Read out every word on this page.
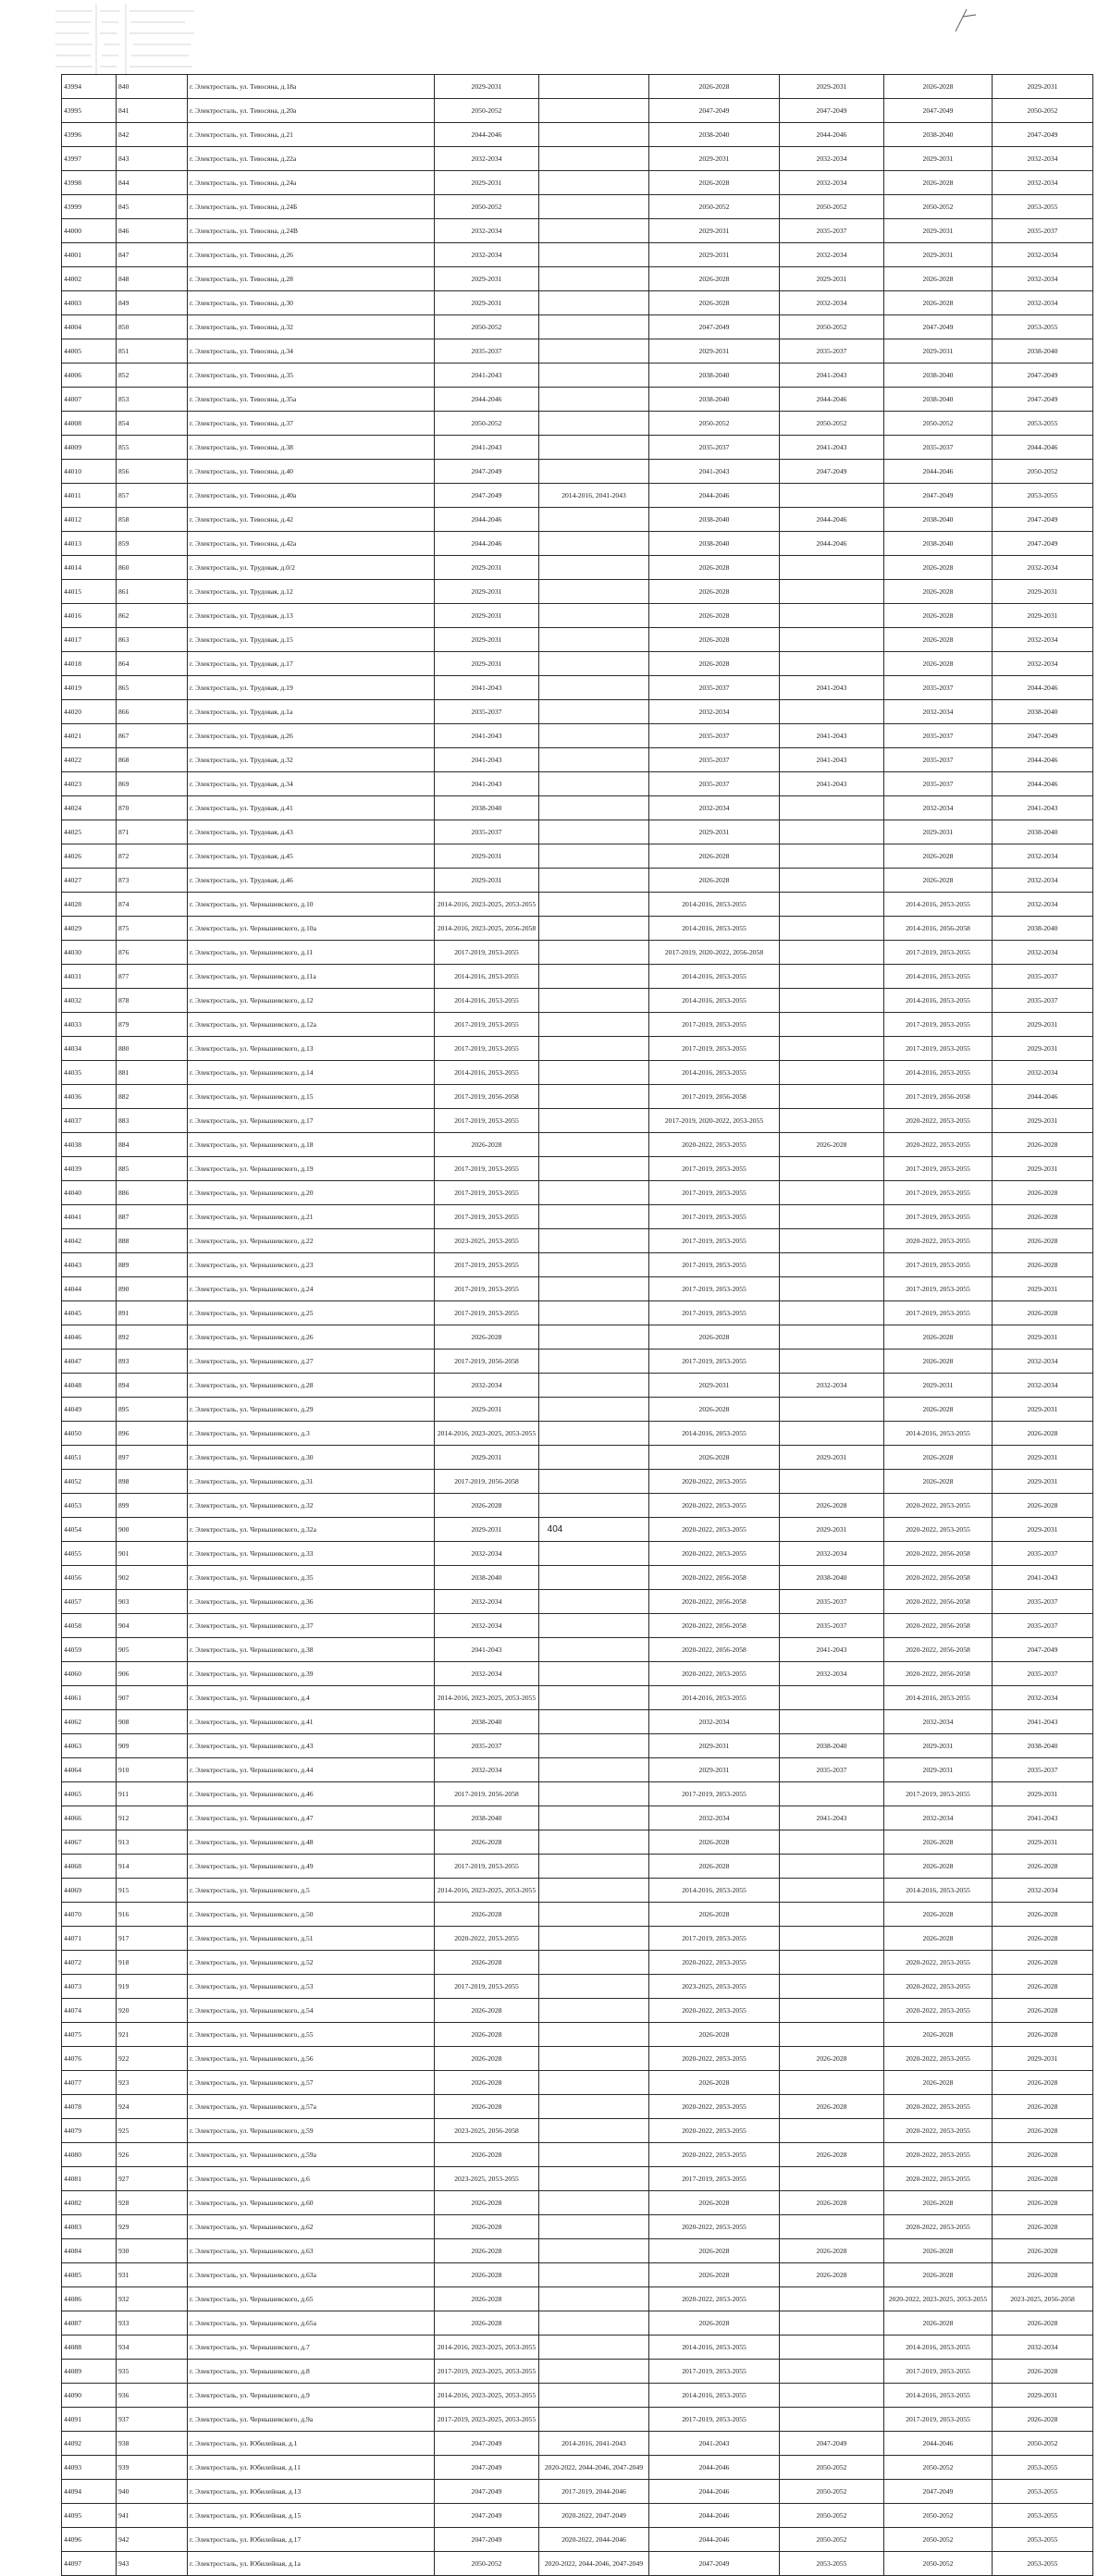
43994	840	г. Электросталь, ул. Тевосяна, д.18а	2029-2031		2026-2028	2029-2031	2026-2028	2029-2031
43995	841	г. Электросталь, ул. Тевосяна, д.20а	2050-2052		2047-2049	2047-2049	2047-2049	2050-2052
43996	842	г. Электросталь, ул. Тевосяна, д.21	2044-2046		2038-2040	2044-2046	2038-2040	2047-2049
43997	843	г. Электросталь, ул. Тевосяна, д.22а	2032-2034		2029-2031	2032-2034	2029-2031	2032-2034
43998	844	г. Электросталь, ул. Тевосяна, д.24а	2029-2031		2026-2028	2032-2034	2026-2028	2032-2034
43999	845	г. Электросталь, ул. Тевосяна, д.24Б	2050-2052		2050-2052	2050-2052	2050-2052	2053-2055
44000	846	г. Электросталь, ул. Тевосяна, д.24В	2032-2034		2029-2031	2035-2037	2029-2031	2035-2037
44001	847	г. Электросталь, ул. Тевосяна, д.26	2032-2034		2029-2031	2032-2034	2029-2031	2032-2034
44002	848	г. Электросталь, ул. Тевосяна, д.28	2029-2031		2026-2028	2029-2031	2026-2028	2032-2034
44003	849	г. Электросталь, ул. Тевосяна, д.30	2029-2031		2026-2028	2032-2034	2026-2028	2032-2034
44004	850	г. Электросталь, ул. Тевосяна, д.32	2050-2052		2047-2049	2050-2052	2047-2049	2053-2055
44005	851	г. Электросталь, ул. Тевосяна, д.34	2035-2037		2029-2031	2035-2037	2029-2031	2038-2040
44006	852	г. Электросталь, ул. Тевосяна, д.35	2041-2043		2038-2040	2041-2043	2038-2040	2047-2049
44007	853	г. Электросталь, ул. Тевосяна, д.35а	2044-2046		2038-2040	2044-2046	2038-2040	2047-2049
44008	854	г. Электросталь, ул. Тевосяна, д.37	2050-2052		2050-2052	2050-2052	2050-2052	2053-2055
44009	855	г. Электросталь, ул. Тевосяна, д.38	2041-2043		2035-2037	2041-2043	2035-2037	2044-2046
44010	856	г. Электросталь, ул. Тевосяна, д.40	2047-2049		2041-2043	2047-2049	2044-2046	2050-2052
44011	857	г. Электросталь, ул. Тевосяна, д.40а	2047-2049	2014-2016, 2041-2043	2044-2046		2047-2049	2053-2055
44012	858	г. Электросталь, ул. Тевосяна, д.42	2044-2046		2038-2040	2044-2046	2038-2040	2047-2049
44013	859	г. Электросталь, ул. Тевосяна, д.42а	2044-2046		2038-2040	2044-2046	2038-2040	2047-2049
44014	860	г. Электросталь, ул. Трудовая, д.0/2	2029-2031		2026-2028		2026-2028	2032-2034
44015	861	г. Электросталь, ул. Трудовая, д.12	2029-2031		2026-2028		2026-2028	2029-2031
44016	862	г. Электросталь, ул. Трудовая, д.13	2029-2031		2026-2028		2026-2028	2029-2031
44017	863	г. Электросталь, ул. Трудовая, д.15	2029-2031		2026-2028		2026-2028	2032-2034
44018	864	г. Электросталь, ул. Трудовая, д.17	2029-2031		2026-2028		2026-2028	2032-2034
44019	865	г. Электросталь, ул. Трудовая, д.19	2041-2043		2035-2037	2041-2043	2035-2037	2044-2046
44020	866	г. Электросталь, ул. Трудовая, д.1а	2035-2037		2032-2034		2032-2034	2038-2040
44021	867	г. Электросталь, ул. Трудовая, д.26	2041-2043		2035-2037	2041-2043	2035-2037	2047-2049
44022	868	г. Электросталь, ул. Трудовая, д.32	2041-2043		2035-2037	2041-2043	2035-2037	2044-2046
44023	869	г. Электросталь, ул. Трудовая, д.34	2041-2043		2035-2037	2041-2043	2035-2037	2044-2046
44024	870	г. Электросталь, ул. Трудовая, д.41	2038-2040		2032-2034		2032-2034	2041-2043
44025	871	г. Электросталь, ул. Трудовая, д.43	2035-2037		2029-2031		2029-2031	2038-2040
44026	872	г. Электросталь, ул. Трудовая, д.45	2029-2031		2026-2028		2026-2028	2032-2034
44027	873	г. Электросталь, ул. Трудовая, д.46	2029-2031		2026-2028		2026-2028	2032-2034
44028	874	г. Электросталь, ул. Чернышевского, д.10	2014-2016, 2023-2025, 2053-2055		2014-2016, 2053-2055		2014-2016, 2053-2055	2032-2034
44029	875	г. Электросталь, ул. Чернышевского, д.10а	2014-2016, 2023-2025, 2056-2058		2014-2016, 2053-2055		2014-2016, 2056-2058	2038-2040
44030	876	г. Электросталь, ул. Чернышевского, д.11	2017-2019, 2053-2055		2017-2019, 2020-2022, 2056-2058		2017-2019, 2053-2055	2032-2034
44031	877	г. Электросталь, ул. Чернышевского, д.11а	2014-2016, 2053-2055		2014-2016, 2053-2055		2014-2016, 2053-2055	2035-2037
44032	878	г. Электросталь, ул. Чернышевского, д.12	2014-2016, 2053-2055		2014-2016, 2053-2055		2014-2016, 2053-2055	2035-2037
44033	879	г. Электросталь, ул. Чернышевского, д.12а	2017-2019, 2053-2055		2017-2019, 2053-2055		2017-2019, 2053-2055	2029-2031
44034	880	г. Электросталь, ул. Чернышевского, д.13	2017-2019, 2053-2055		2017-2019, 2053-2055		2017-2019, 2053-2055	2029-2031
44035	881	г. Электросталь, ул. Чернышевского, д.14	2014-2016, 2053-2055		2014-2016, 2053-2055		2014-2016, 2053-2055	2032-2034
44036	882	г. Электросталь, ул. Чернышевского, д.15	2017-2019, 2056-2058		2017-2019, 2056-2058		2017-2019, 2056-2058	2044-2046
44037	883	г. Электросталь, ул. Чернышевского, д.17	2017-2019, 2053-2055		2017-2019, 2020-2022, 2053-2055		2020-2022, 2053-2055	2029-2031
44038	884	г. Электросталь, ул. Чернышевского, д.18	2026-2028		2020-2022, 2053-2055	2026-2028	2020-2022, 2053-2055	2026-2028
44039	885	г. Электросталь, ул. Чернышевского, д.19	2017-2019, 2053-2055		2017-2019, 2053-2055		2017-2019, 2053-2055	2029-2031
44040	886	г. Электросталь, ул. Чернышевского, д.20	2017-2019, 2053-2055		2017-2019, 2053-2055		2017-2019, 2053-2055	2026-2028
44041	887	г. Электросталь, ул. Чернышевского, д.21	2017-2019, 2053-2055		2017-2019, 2053-2055		2017-2019, 2053-2055	2026-2028
44042	888	г. Электросталь, ул. Чернышевского, д.22	2023-2025, 2053-2055		2017-2019, 2053-2055		2020-2022, 2053-2055	2026-2028
44043	889	г. Электросталь, ул. Чернышевского, д.23	2017-2019, 2053-2055		2017-2019, 2053-2055		2017-2019, 2053-2055	2026-2028
44044	890	г. Электросталь, ул. Чернышевского, д.24	2017-2019, 2053-2055		2017-2019, 2053-2055		2017-2019, 2053-2055	2029-2031
44045	891	г. Электросталь, ул. Чернышевского, д.25	2017-2019, 2053-2055		2017-2019, 2053-2055		2017-2019, 2053-2055	2026-2028
44046	892	г. Электросталь, ул. Чернышевского, д.26	2026-2028		2026-2028		2026-2028	2029-2031
44047	893	г. Электросталь, ул. Чернышевского, д.27	2017-2019, 2056-2058		2017-2019, 2053-2055		2026-2028	2032-2034
44048	894	г. Электросталь, ул. Чернышевского, д.28	2032-2034		2029-2031	2032-2034	2029-2031	2032-2034
44049	895	г. Электросталь, ул. Чернышевского, д.29	2029-2031		2026-2028		2026-2028	2029-2031
44050	896	г. Электросталь, ул. Чернышевского, д.3	2014-2016, 2023-2025, 2053-2055		2014-2016, 2053-2055		2014-2016, 2053-2055	2026-2028
44051	897	г. Электросталь, ул. Чернышевского, д.30	2029-2031		2026-2028	2029-2031	2026-2028	2029-2031
44052	898	г. Электросталь, ул. Чернышевского, д.31	2017-2019, 2056-2058		2020-2022, 2053-2055		2026-2028	2029-2031
44053	899	г. Электросталь, ул. Чернышевского, д.32	2026-2028		2020-2022, 2053-2055	2026-2028	2020-2022, 2053-2055	2026-2028
44054	900	г. Электросталь, ул. Чернышевского, д.32а	2029-2031		2020-2022, 2053-2055	2029-2031	2020-2022, 2053-2055	2029-2031
44055	901	г. Электросталь, ул. Чернышевского, д.33	2032-2034		2020-2022, 2053-2055	2032-2034	2020-2022, 2056-2058	2035-2037
44056	902	г. Электросталь, ул. Чернышевского, д.35	2038-2040		2020-2022, 2056-2058	2038-2040	2020-2022, 2056-2058	2041-2043
44057	903	г. Электросталь, ул. Чернышевского, д.36	2032-2034		2020-2022, 2056-2058	2035-2037	2020-2022, 2056-2058	2035-2037
44058	904	г. Электросталь, ул. Чернышевского, д.37	2032-2034		2020-2022, 2056-2058	2035-2037	2020-2022, 2056-2058	2035-2037
44059	905	г. Электросталь, ул. Чернышевского, д.38	2041-2043		2020-2022, 2056-2058	2041-2043	2020-2022, 2056-2058	2047-2049
44060	906	г. Электросталь, ул. Чернышевского, д.39	2032-2034		2020-2022, 2053-2055	2032-2034	2020-2022, 2056-2058	2035-2037
44061	907	г. Электросталь, ул. Чернышевского, д.4	2014-2016, 2023-2025, 2053-2055		2014-2016, 2053-2055		2014-2016, 2053-2055	2032-2034
44062	908	г. Электросталь, ул. Чернышевского, д.41	2038-2040		2032-2034		2032-2034	2041-2043
44063	909	г. Электросталь, ул. Чернышевского, д.43	2035-2037		2029-2031	2038-2040	2029-2031	2038-2040
44064	910	г. Электросталь, ул. Чернышевского, д.44	2032-2034		2029-2031	2035-2037	2029-2031	2035-2037
44065	911	г. Электросталь, ул. Чернышевского, д.46	2017-2019, 2056-2058		2017-2019, 2053-2055		2017-2019, 2053-2055	2029-2031
44066	912	г. Электросталь, ул. Чернышевского, д.47	2038-2040		2032-2034	2041-2043	2032-2034	2041-2043
44067	913	г. Электросталь, ул. Чернышевского, д.48	2026-2028		2026-2028		2026-2028	2029-2031
44068	914	г. Электросталь, ул. Чернышевского, д.49	2017-2019, 2053-2055		2026-2028		2026-2028	2026-2028
44069	915	г. Электросталь, ул. Чернышевского, д.5	2014-2016, 2023-2025, 2053-2055		2014-2016, 2053-2055		2014-2016, 2053-2055	2032-2034
44070	916	г. Электросталь, ул. Чернышевского, д.50	2026-2028		2026-2028		2026-2028	2026-2028
44071	917	г. Электросталь, ул. Чернышевского, д.51	2020-2022, 2053-2055		2017-2019, 2053-2055		2026-2028	2026-2028
44072	918	г. Электросталь, ул. Чернышевского, д.52	2026-2028		2020-2022, 2053-2055		2020-2022, 2053-2055	2026-2028
44073	919	г. Электросталь, ул. Чернышевского, д.53	2017-2019, 2053-2055		2023-2025, 2053-2055		2020-2022, 2053-2055	2026-2028
44074	920	г. Электросталь, ул. Чернышевского, д.54	2026-2028		2020-2022, 2053-2055		2020-2022, 2053-2055	2026-2028
44075	921	г. Электросталь, ул. Чернышевского, д.55	2026-2028		2026-2028		2026-2028	2026-2028
44076	922	г. Электросталь, ул. Чернышевского, д.56	2026-2028		2020-2022, 2053-2055	2026-2028	2020-2022, 2053-2055	2029-2031
44077	923	г. Электросталь, ул. Чернышевского, д.57	2026-2028		2026-2028		2026-2028	2026-2028
44078	924	г. Электросталь, ул. Чернышевского, д.57а	2026-2028		2020-2022, 2053-2055	2026-2028	2020-2022, 2053-2055	2026-2028
44079	925	г. Электросталь, ул. Чернышевского, д.59	2023-2025, 2056-2058		2020-2022, 2053-2055		2020-2022, 2053-2055	2026-2028
44080	926	г. Электросталь, ул. Чернышевского, д.59а	2026-2028		2020-2022, 2053-2055	2026-2028	2020-2022, 2053-2055	2026-2028
44081	927	г. Электросталь, ул. Чернышевского, д.6	2023-2025, 2053-2055		2017-2019, 2053-2055		2020-2022, 2053-2055	2026-2028
44082	928	г. Электросталь, ул. Чернышевского, д.60	2026-2028		2026-2028	2026-2028	2026-2028	2026-2028
44083	929	г. Электросталь, ул. Чернышевского, д.62	2026-2028		2020-2022, 2053-2055		2020-2022, 2053-2055	2026-2028
44084	930	г. Электросталь, ул. Чернышевского, д.63	2026-2028		2026-2028	2026-2028	2026-2028	2026-2028
44085	931	г. Электросталь, ул. Чернышевского, д.63а	2026-2028		2026-2028	2026-2028	2026-2028	2026-2028
44086	932	г. Электросталь, ул. Чернышевского, д.65	2026-2028		2020-2022, 2053-2055		2020-2022, 2023-2025, 2053-2055	2023-2025, 2056-2058
44087	933	г. Электросталь, ул. Чернышевского, д.65а	2026-2028		2026-2028		2026-2028	2026-2028
44088	934	г. Электросталь, ул. Чернышевского, д.7	2014-2016, 2023-2025, 2053-2055		2014-2016, 2053-2055		2014-2016, 2053-2055	2032-2034
44089	935	г. Электросталь, ул. Чернышевского, д.8	2017-2019, 2023-2025, 2053-2055		2017-2019, 2053-2055		2017-2019, 2053-2055	2026-2028
44090	936	г. Электросталь, ул. Чернышевского, д.9	2014-2016, 2023-2025, 2053-2055		2014-2016, 2053-2055		2014-2016, 2053-2055	2029-2031
44091	937	г. Электросталь, ул. Чернышевского, д.9а	2017-2019, 2023-2025, 2053-2055		2017-2019, 2053-2055		2017-2019, 2053-2055	2026-2028
44092	938	г. Электросталь, ул. Юбилейная, д.1	2047-2049	2014-2016, 2041-2043	2041-2043	2047-2049	2044-2046	2050-2052
44093	939	г. Электросталь, ул. Юбилейная, д.11	2047-2049	2020-2022, 2044-2046, 2047-2049	2044-2046	2050-2052	2050-2052	2053-2055
44094	940	г. Электросталь, ул. Юбилейная, д.13	2047-2049	2017-2019, 2044-2046	2044-2046	2050-2052	2047-2049	2053-2055
44095	941	г. Электросталь, ул. Юбилейная, д.15	2047-2049	2020-2022, 2047-2049	2044-2046	2050-2052	2050-2052	2053-2055
44096	942	г. Электросталь, ул. Юбилейная, д.17	2047-2049	2020-2022, 2044-2046	2044-2046	2050-2052	2050-2052	2053-2055
44097	943	г. Электросталь, ул. Юбилейная, д.1а	2050-2052	2020-2022, 2044-2046, 2047-2049	2047-2049	2053-2055	2050-2052	2053-2055
404
